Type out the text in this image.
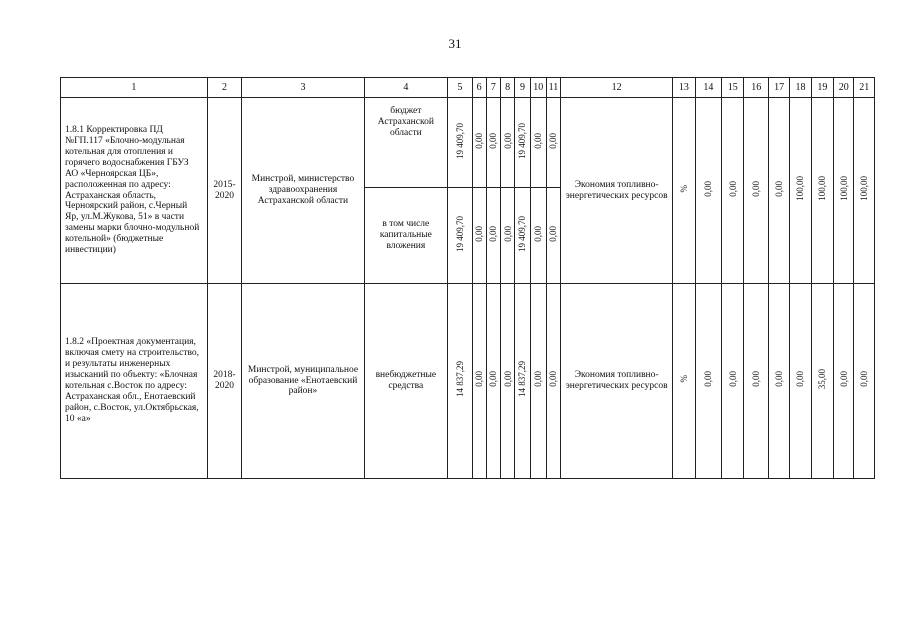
31
1	2	3	4	5	6	7	8	9	10	11	12	13	14	15	16	17	18	19	20	21
1.8.1 Корректировка ПД №ГП.117 «Блочно-модульная котельная для отопления и горячего водоснабжения ГБУЗ АО «Черноярская ЦБ», расположенная по адресу: Астраханская область, Черноярский район, с.Черный Яр, ул.М.Жукова, 51» в части замены марки блочно-модульной котельной» (бюджетные инвестиции)	2015-2020	Минстрой, министерство здравоохранения Астраханской области	бюджет Астраханской области	19 409,70	0,00	0,00	0,00	19 409,70	0,00	0,00	Экономия топливно-энергетических ресурсов	%	0,00	0,00	0,00	0,00	100,00	100,00	100,00	100,00
			в том числе капитальные вложения	19 409,70	0,00	0,00	0,00	19 409,70	0,00	0,00										
1.8.2 «Проектная документация, включая смету на строительство, и результаты инженерных изысканий по объекту: «Блочная котельная с.Восток по адресу: Астраханская обл., Енотаевский район, с.Восток, ул.Октябрьская, 10 «а»	2018-2020	Минстрой, муниципальное образование «Енотаевский район»	внебюджетные средства	14 837,29	0,00	0,00	0,00	14 837,29	0,00	0,00	Экономия топливно-энергетических ресурсов	%	0,00	0,00	0,00	0,00	0,00	35,00	0,00	0,00
